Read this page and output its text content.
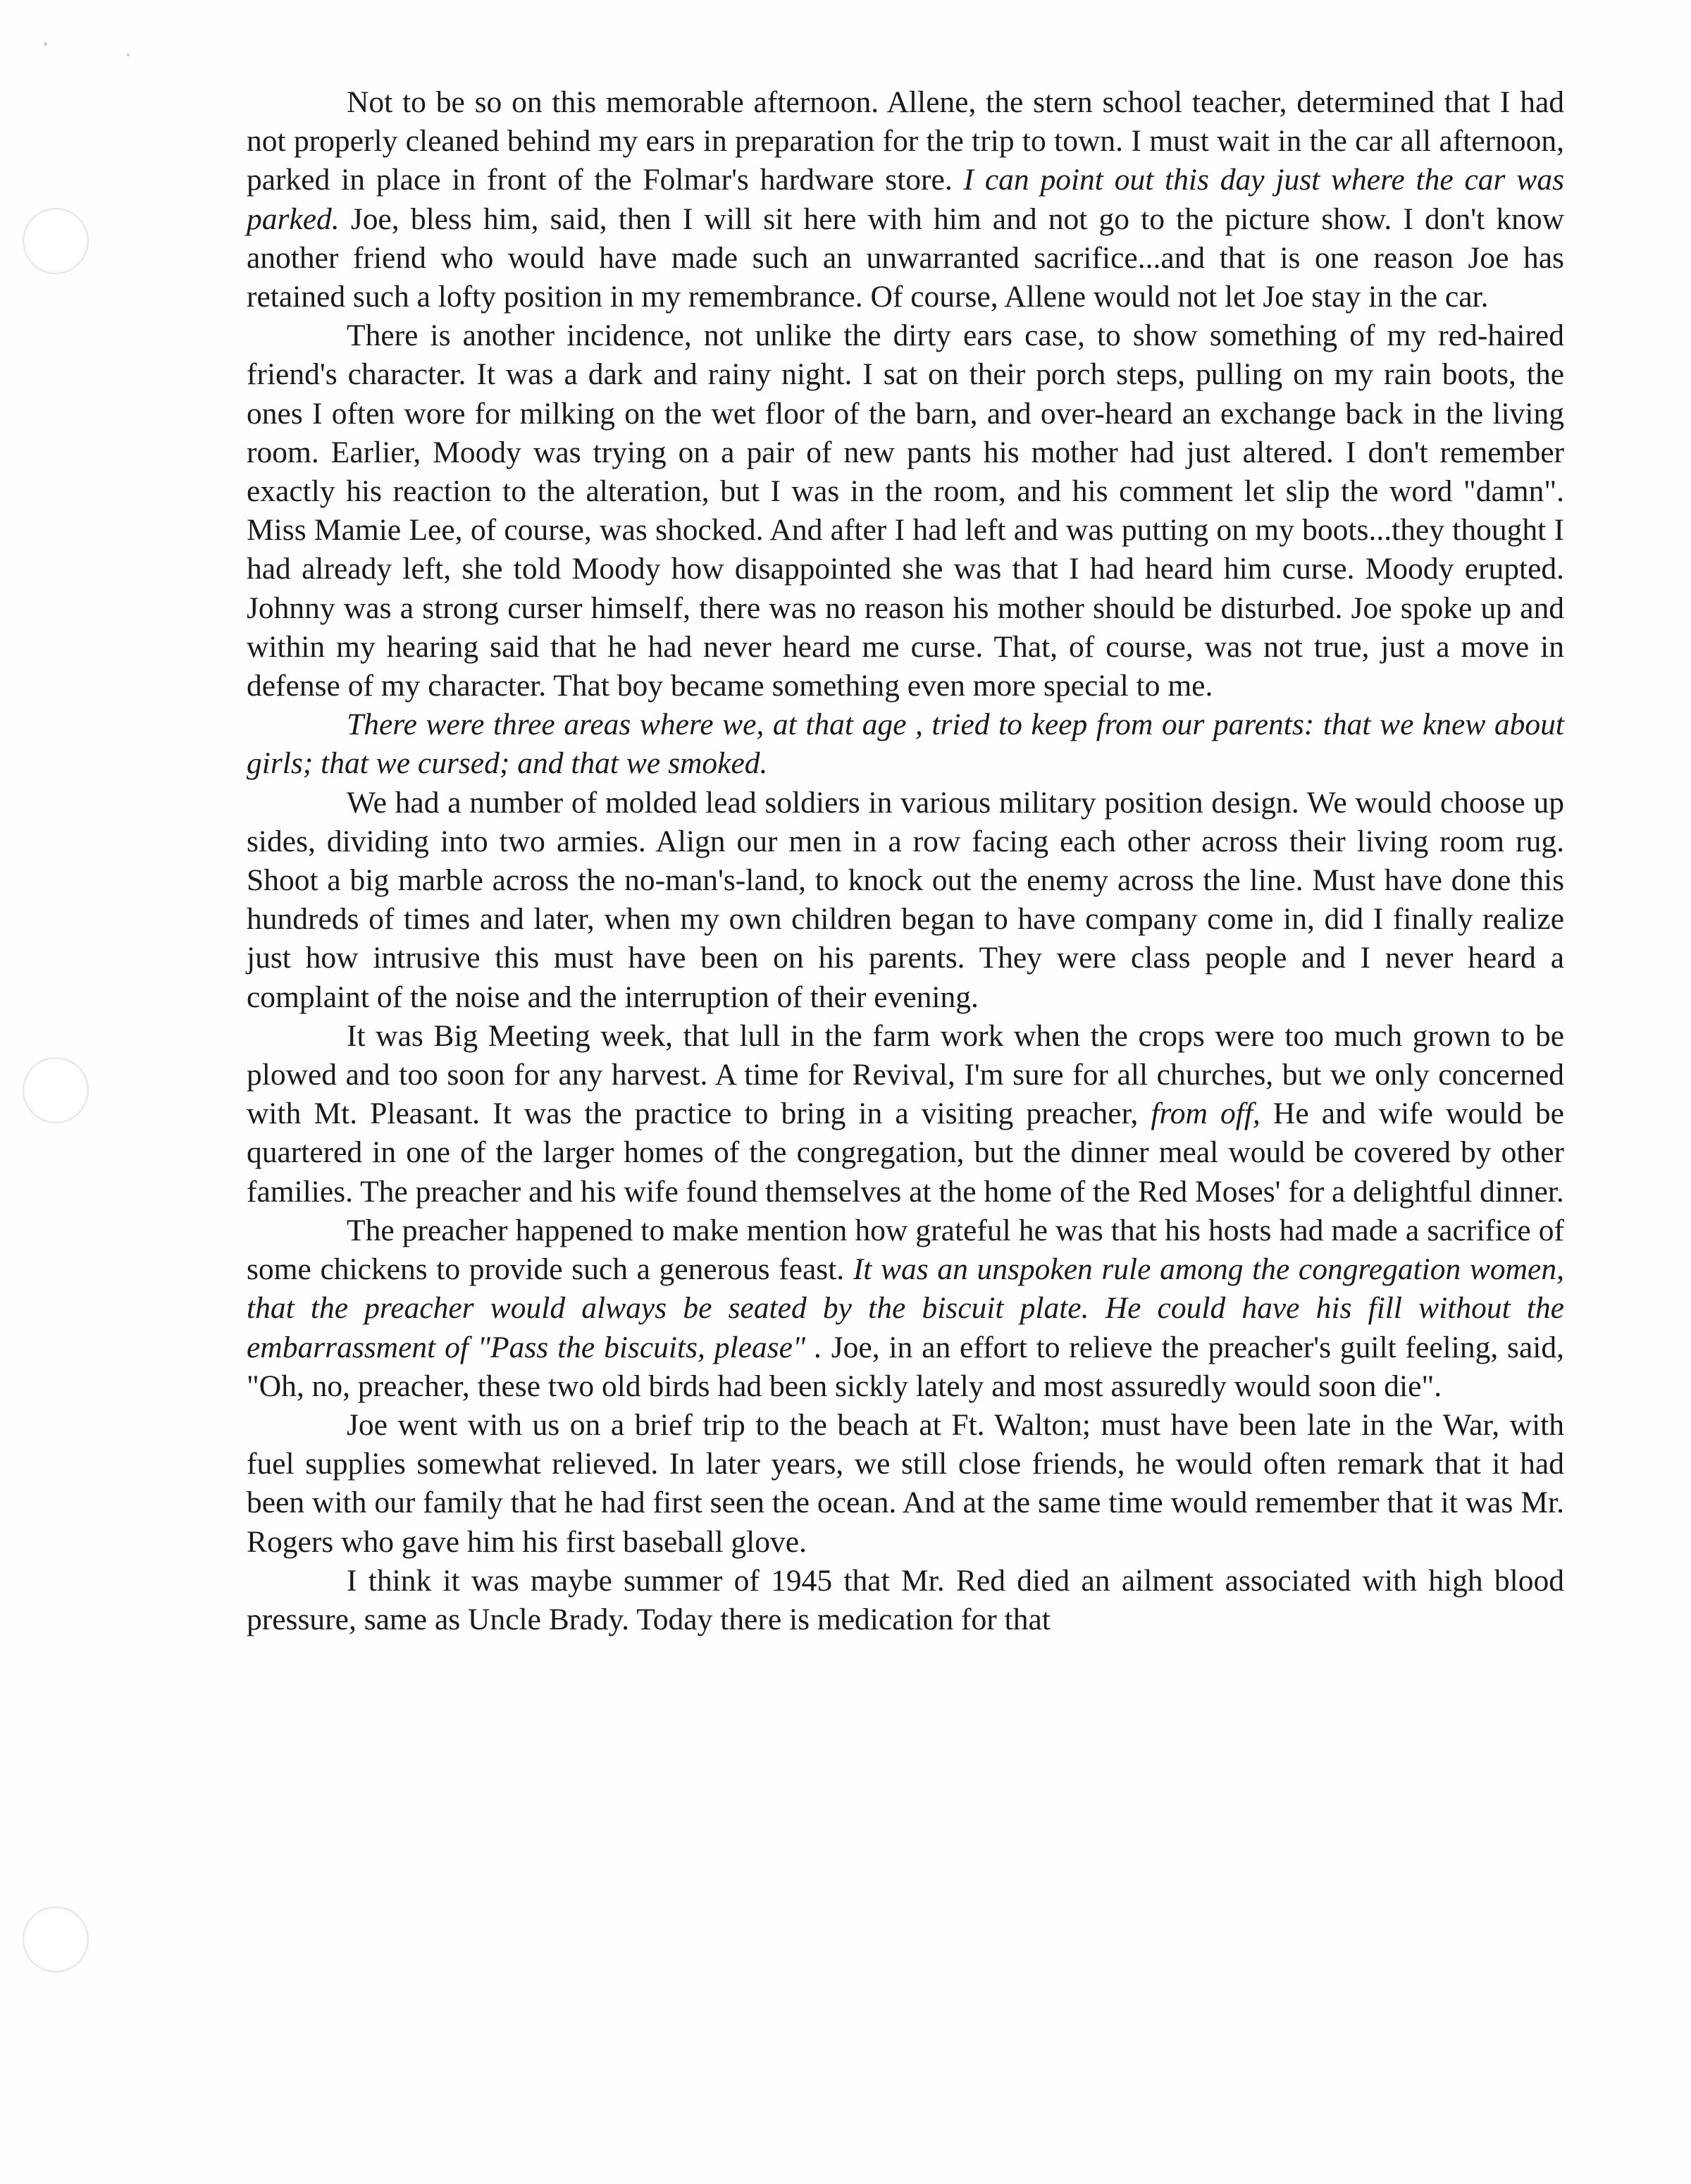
Not to be so on this memorable afternoon. Allene, the stern school teacher, determined that I had not properly cleaned behind my ears in preparation for the trip to town. I must wait in the car all afternoon, parked in place in front of the Folmar's hardware store. I can point out this day just where the car was parked. Joe, bless him, said, then I will sit here with him and not go to the picture show. I don't know another friend who would have made such an unwarranted sacrifice...and that is one reason Joe has retained such a lofty position in my remembrance. Of course, Allene would not let Joe stay in the car.

There is another incidence, not unlike the dirty ears case, to show something of my red-haired friend's character. It was a dark and rainy night. I sat on their porch steps, pulling on my rain boots, the ones I often wore for milking on the wet floor of the barn, and over-heard an exchange back in the living room. Earlier, Moody was trying on a pair of new pants his mother had just altered. I don't remember exactly his reaction to the alteration, but I was in the room, and his comment let slip the word "damn". Miss Mamie Lee, of course, was shocked. And after I had left and was putting on my boots...they thought I had already left, she told Moody how disappointed she was that I had heard him curse. Moody erupted. Johnny was a strong curser himself, there was no reason his mother should be disturbed. Joe spoke up and within my hearing said that he had never heard me curse. That, of course, was not true, just a move in defense of my character. That boy became something even more special to me.

There were three areas where we, at that age , tried to keep from our parents: that we knew about girls; that we cursed; and that we smoked.

We had a number of molded lead soldiers in various military position design. We would choose up sides, dividing into two armies. Align our men in a row facing each other across their living room rug. Shoot a big marble across the no-man's-land, to knock out the enemy across the line. Must have done this hundreds of times and later, when my own children began to have company come in, did I finally realize just how intrusive this must have been on his parents. They were class people and I never heard a complaint of the noise and the interruption of their evening.

It was Big Meeting week, that lull in the farm work when the crops were too much grown to be plowed and too soon for any harvest. A time for Revival, I'm sure for all churches, but we only concerned with Mt. Pleasant. It was the practice to bring in a visiting preacher, from off, He and wife would be quartered in one of the larger homes of the congregation, but the dinner meal would be covered by other families. The preacher and his wife found themselves at the home of the Red Moses' for a delightful dinner.

The preacher happened to make mention how grateful he was that his hosts had made a sacrifice of some chickens to provide such a generous feast. It was an unspoken rule among the congregation women, that the preacher would always be seated by the biscuit plate. He could have his fill without the embarrassment of "Pass the biscuits, please" . Joe, in an effort to relieve the preacher's guilt feeling, said, "Oh, no, preacher, these two old birds had been sickly lately and most assuredly would soon die".

Joe went with us on a brief trip to the beach at Ft. Walton; must have been late in the War, with fuel supplies somewhat relieved. In later years, we still close friends, he would often remark that it had been with our family that he had first seen the ocean. And at the same time would remember that it was Mr. Rogers who gave him his first baseball glove.

I think it was maybe summer of 1945 that Mr. Red died an ailment associated with high blood pressure, same as Uncle Brady. Today there is medication for that
